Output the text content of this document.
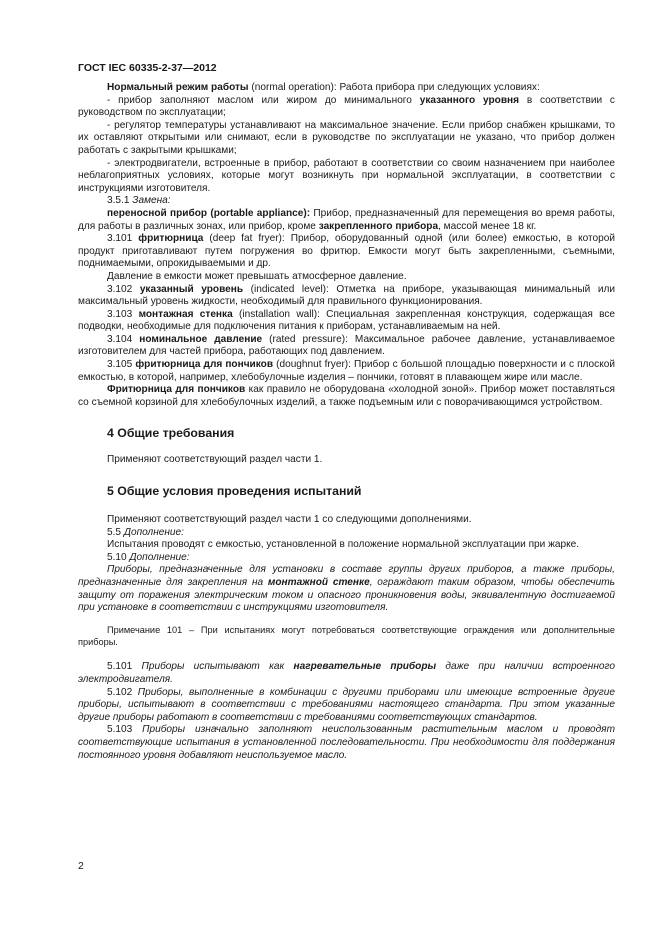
ГОСТ IEC 60335-2-37—2012

Нормальный режим работы (normal operation): Работа прибора при следующих условиях:

- прибор заполняют маслом или жиром до минимального указанного уровня в соответствии с руководством по эксплуатации;

- регулятор температуры устанавливают на максимальное значение. Если прибор снабжен крышками, то их оставляют открытыми или снимают, если в руководстве по эксплуатации не указано, что прибор должен работать с закрытыми крышками;

- электродвигатели, встроенные в прибор, работают в соответствии со своим назначением при наиболее неблагоприятных условиях, которые могут возникнуть при нормальной эксплуатации, в соответствии с инструкциями изготовителя.

3.5.1 Замена:

переносной прибор (portable appliance): Прибор, предназначенный для перемещения во время работы, для работы в различных зонах, или прибор, кроме закрепленного прибора, массой менее 18 кг.

3.101 фритюрница (deep fat fryer): Прибор, оборудованный одной (или более) емкостью, в которой продукт приготавливают путем погружения во фритюр. Емкости могут быть закрепленными, съемными, поднимаемыми, опрокидываемыми и др.

Давление в емкости может превышать атмосферное давление.

3.102 указанный уровень (indicated level): Отметка на приборе, указывающая минимальный или максимальный уровень жидкости, необходимый для правильного функционирования.

3.103 монтажная стенка (installation wall): Специальная закрепленная конструкция, содержащая все подводки, необходимые для подключения питания к приборам, устанавливаемым на ней.

3.104 номинальное давление (rated pressure): Максимальное рабочее давление, устанавливаемое изготовителем для частей прибора, работающих под давлением.

3.105 фритюрница для пончиков (doughnut fryer): Прибор с большой площадью поверхности и с плоской емкостью, в которой, например, хлебобулочные изделия – пончики, готовят в плавающем жире или масле.

Фритюрница для пончиков как правило не оборудована «холодной зоной». Прибор может поставляться со съемной корзиной для хлебобулочных изделий, а также подъемным или с поворачивающимся устройством.

4 Общие требования

Применяют соответствующий раздел части 1.

5 Общие условия проведения испытаний

Применяют соответствующий раздел части 1 со следующими дополнениями.

5.5 Дополнение:

Испытания проводят с емкостью, установленной в положение нормальной эксплуатации при жарке.

5.10 Дополнение:

Приборы, предназначенные для установки в составе группы других приборов, а также приборы, предназначенные для закрепления на монтажной стенке, ограждают таким образом, чтобы обеспечить защиту от поражения электрическим током и опасного проникновения воды, эквивалентную достигаемой при установке в соответствии с инструкциями изготовителя.

Примечание 101 – При испытаниях могут потребоваться соответствующие ограждения или дополнительные приборы.

5.101 Приборы испытывают как нагревательные приборы даже при наличии встроенного электродвигателя.

5.102 Приборы, выполненные в комбинации с другими приборами или имеющие встроенные другие приборы, испытывают в соответствии с требованиями настоящего стандарта. При этом указанные другие приборы работают в соответствии с требованиями соответствующих стандартов.

5.103 Приборы изначально заполняют неиспользованным растительным маслом и проводят соответствующие испытания в установленной последовательности. При необходимости для поддержания постоянного уровня добавляют неиспользуемое масло.

2
